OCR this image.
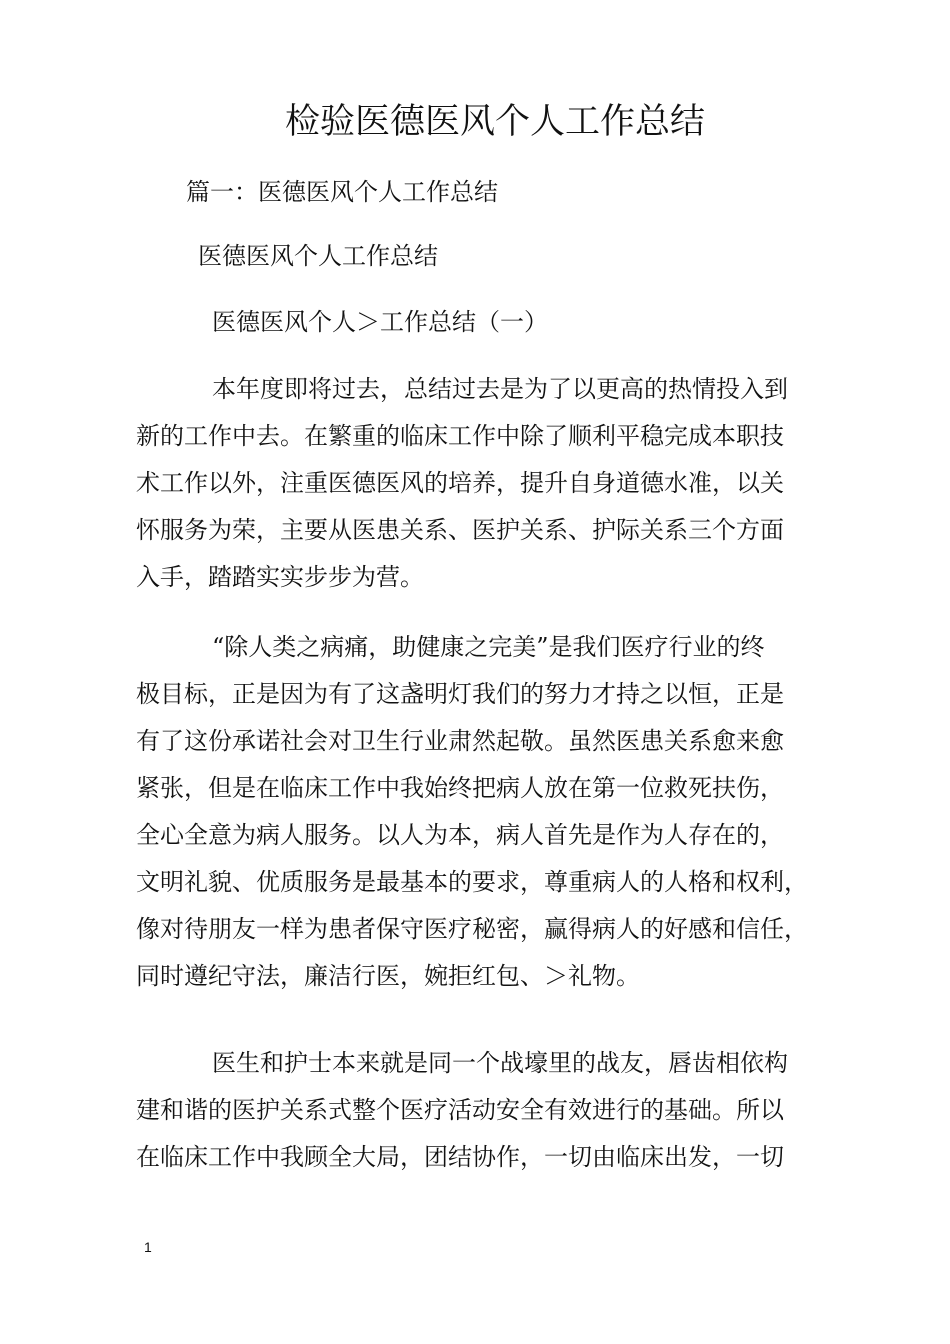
检验医德医风个人工作总结
篇一：医德医风个人工作总结
医德医风个人工作总结
医德医风个人＞工作总结（一）
本年度即将过去，总结过去是为了以更高的热情投入到
新的工作中去。在繁重的临床工作中除了顺利平稳完成本职技
术工作以外，注重医德医风的培养，提升自身道德水准，以关
怀服务为荣，主要从医患关系、医护关系、护际关系三个方面
入手，踏踏实实步步为营。
“除人类之病痛，助健康之完美”是我们医疗行业的终
极目标，正是因为有了这盏明灯我们的努力才持之以恒，正是
有了这份承诺社会对卫生行业肃然起敬。虽然医患关系愈来愈
紧张，但是在临床工作中我始终把病人放在第一位救死扶伤，
全心全意为病人服务。以人为本，病人首先是作为人存在的，
文明礼貌、优质服务是最基本的要求，尊重病人的人格和权利，
像对待朋友一样为患者保守医疗秘密，赢得病人的好感和信任，
同时遵纪守法，廉洁行医，婉拒红包、＞礼物。
医生和护士本来就是同一个战壕里的战友，唇齿相依构
建和谐的医护关系式整个医疗活动安全有效进行的基础。所以
在临床工作中我顾全大局，团结协作，一切由临床出发，一切
1
